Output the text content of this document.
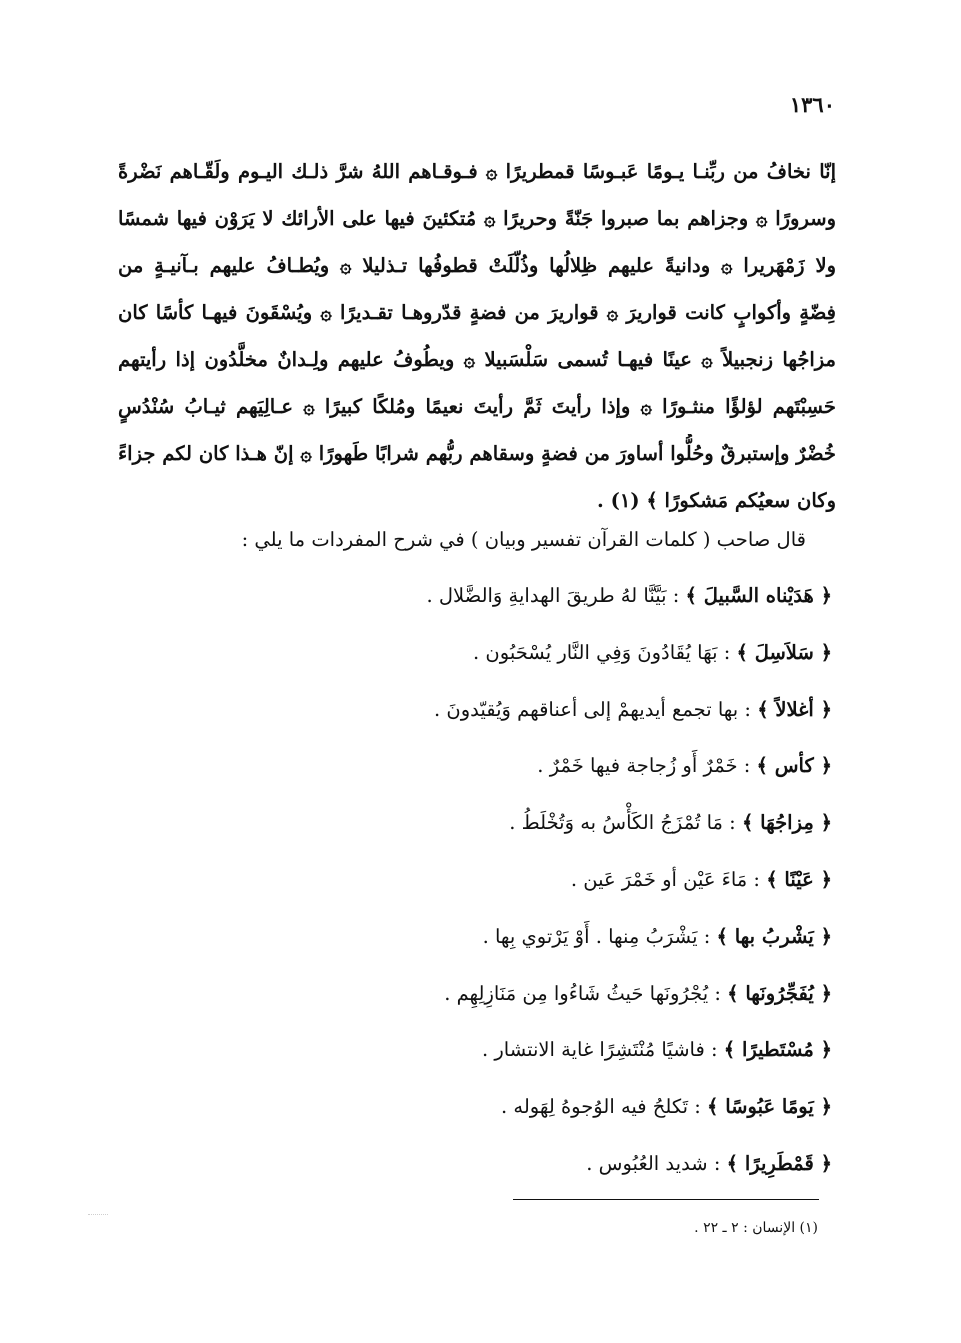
١٣٦٠
إنّا نخافُ من ربِّنـا يـومًا عَبـوسًا قمطريرًا ۞ فـوقـاهم اللهُ شرَّ ذلـك اليـوم ولَقّـاهم نَضْرةً
وسرورًا ۞ وجزاهم بما صبروا جَنّةً وحريرًا ۞ مُتكئينَ فيها على الأرائك لا يَرَوْن فيها شمسًا
ولا زَمْهَريرا ۞ ودانيةً عليهم ظِلالُها وذُلّلَتْ قطوفُها تـذليلا ۞ ويُطـافُ عليهم بـآنيـةٍ من
فِضّةٍ وأكوابٍ كانت قواريرَ ۞ قواريرَ من فضةٍ قدّروهـا تقـديرًا ۞ ويُسْقَونَ فيهـا كأسًا كان
مزاجُها زنجبيلاً ۞ عينًا فيهـا تُسمى سَلْسَبيلا ۞ ويطُوفُ عليهم ولِـدانٌ مخلَّدُون إذا رأيتهم
حَسِبْتَهم لؤلؤًا منثـورًا ۞ وإذا رأيتَ ثَمَّ رأيتَ نعيمًا ومُلكًا كبيرًا ۞ عـالِيَهم ثيـابُ سُنْدُسٍ
خُضْرٌ وإستبرقٌ وحُلُّوا أساورَ من فضةٍ وسقاهم ربُّهم شرابًا طَهورًا ۞ إنّ هـذا كان لكم جزاءً
وكان سعيُكم مَشكورًا ﴾ (١) .
قال صاحب ( كلمات القرآن تفسير وبيان ) في شرح المفردات ما يلي :
﴿ هَدَيْناه السَّبيلَ ﴾ : بَيَّنَّا لهُ طريقَ الهدايةِ وَالضَّلال .
﴿ سَلاَسِلَ ﴾ : بَهَا يُقَادُونَ وَفِي النَّار يُسْحَبُون .
﴿ أغلالاً ﴾ : بها تجمع أيديهمْ إلى أعناقهم وَيُقيّدونَ .
﴿ كأس ﴾ : خَمْرٌ أَو زُجاجة فيها خَمْرٌ .
﴿ مِزاجُهَا ﴾ : مَا تُمْزَجُ الكَأْسُ به وَتُخْلَطُ .
﴿ عَيْنًا ﴾ : مَاءَ عَيْن أو خَمْرَ عَين .
﴿ يَشْربُ بها ﴾ : يَشْرَبُ مِنها . أَوْ يَرْتوي بِها .
﴿ يُفَجِّرُونَها ﴾ : يُجْرُونَها حَيثُ شَاءُوا مِن مَنَازِلِهِم .
﴿ مُسْتَطيرًا ﴾ : فاشيًا مُنْتَشِرًا غاية الانتشار .
﴿ يَومًا عَبُوسًا ﴾ : تَكلحُ فيه الوُجوهُ لِهَوله .
﴿ قَمْطَرِيرًا ﴾ : شديد العُبُوس .
(١) الإنسان : ٢ ـ ٢٢ .
